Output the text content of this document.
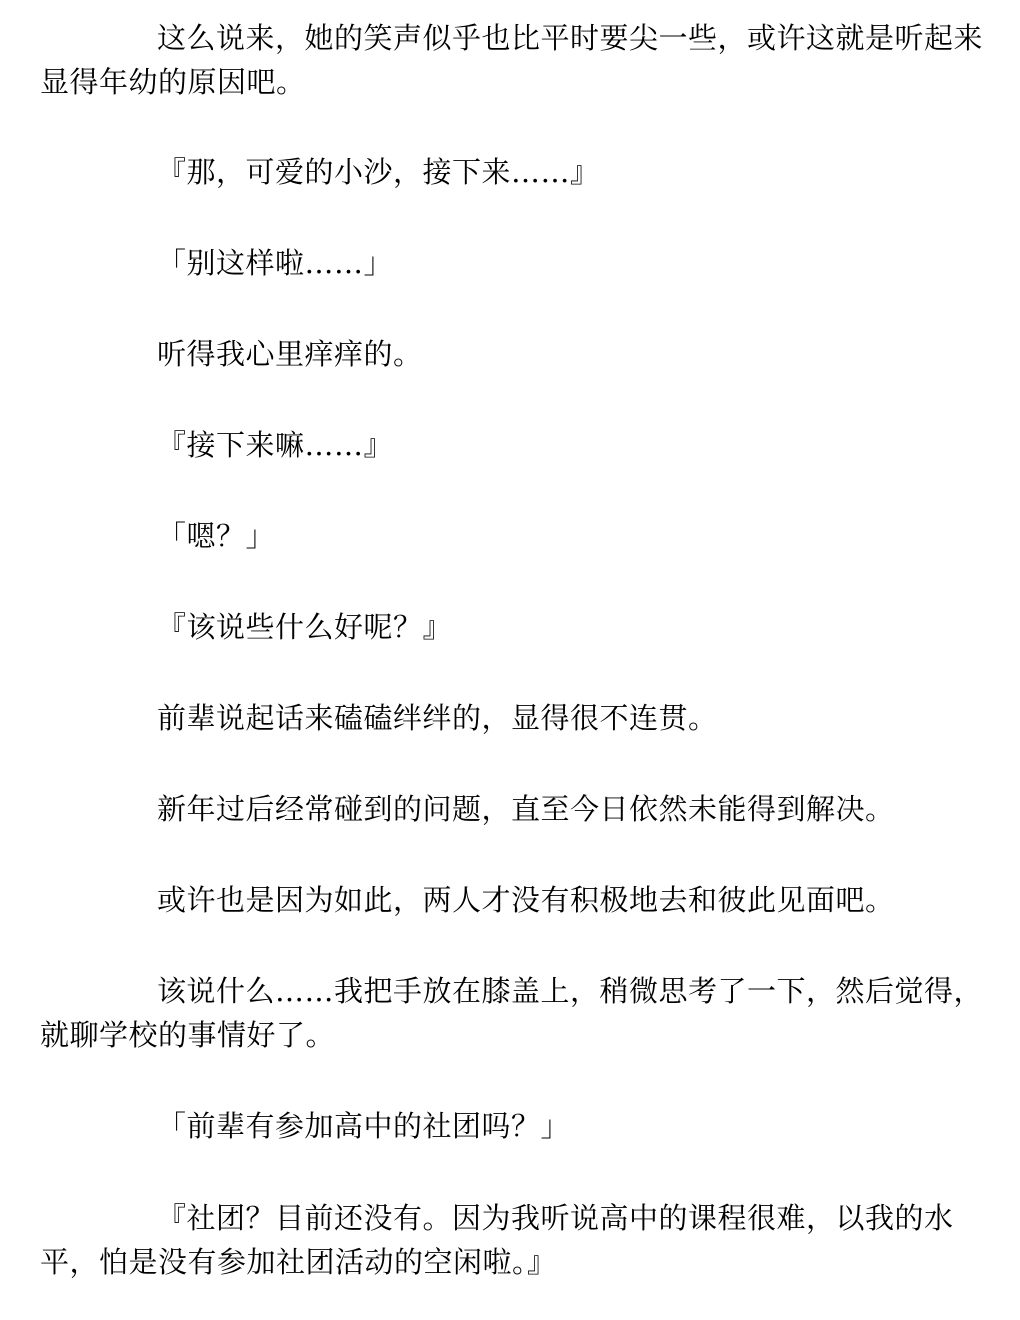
这么说来，她的笑声似乎也比平时要尖一些，或许这就是听起来显得年幼的原因吧。

『那，可爱的小沙，接下来……』

「别这样啦……」

听得我心里痒痒的。

『接下来嘛……』

「嗯？」

『该说些什么好呢？』

前辈说起话来磕磕绊绊的，显得很不连贯。

新年过后经常碰到的问题，直至今日依然未能得到解决。

或许也是因为如此，两人才没有积极地去和彼此见面吧。

该说什么……我把手放在膝盖上，稍微思考了一下，然后觉得，就聊学校的事情好了。

「前辈有参加高中的社团吗？」

『社团？目前还没有。因为我听说高中的课程很难，以我的水平，怕是没有参加社团活动的空闲啦。』
